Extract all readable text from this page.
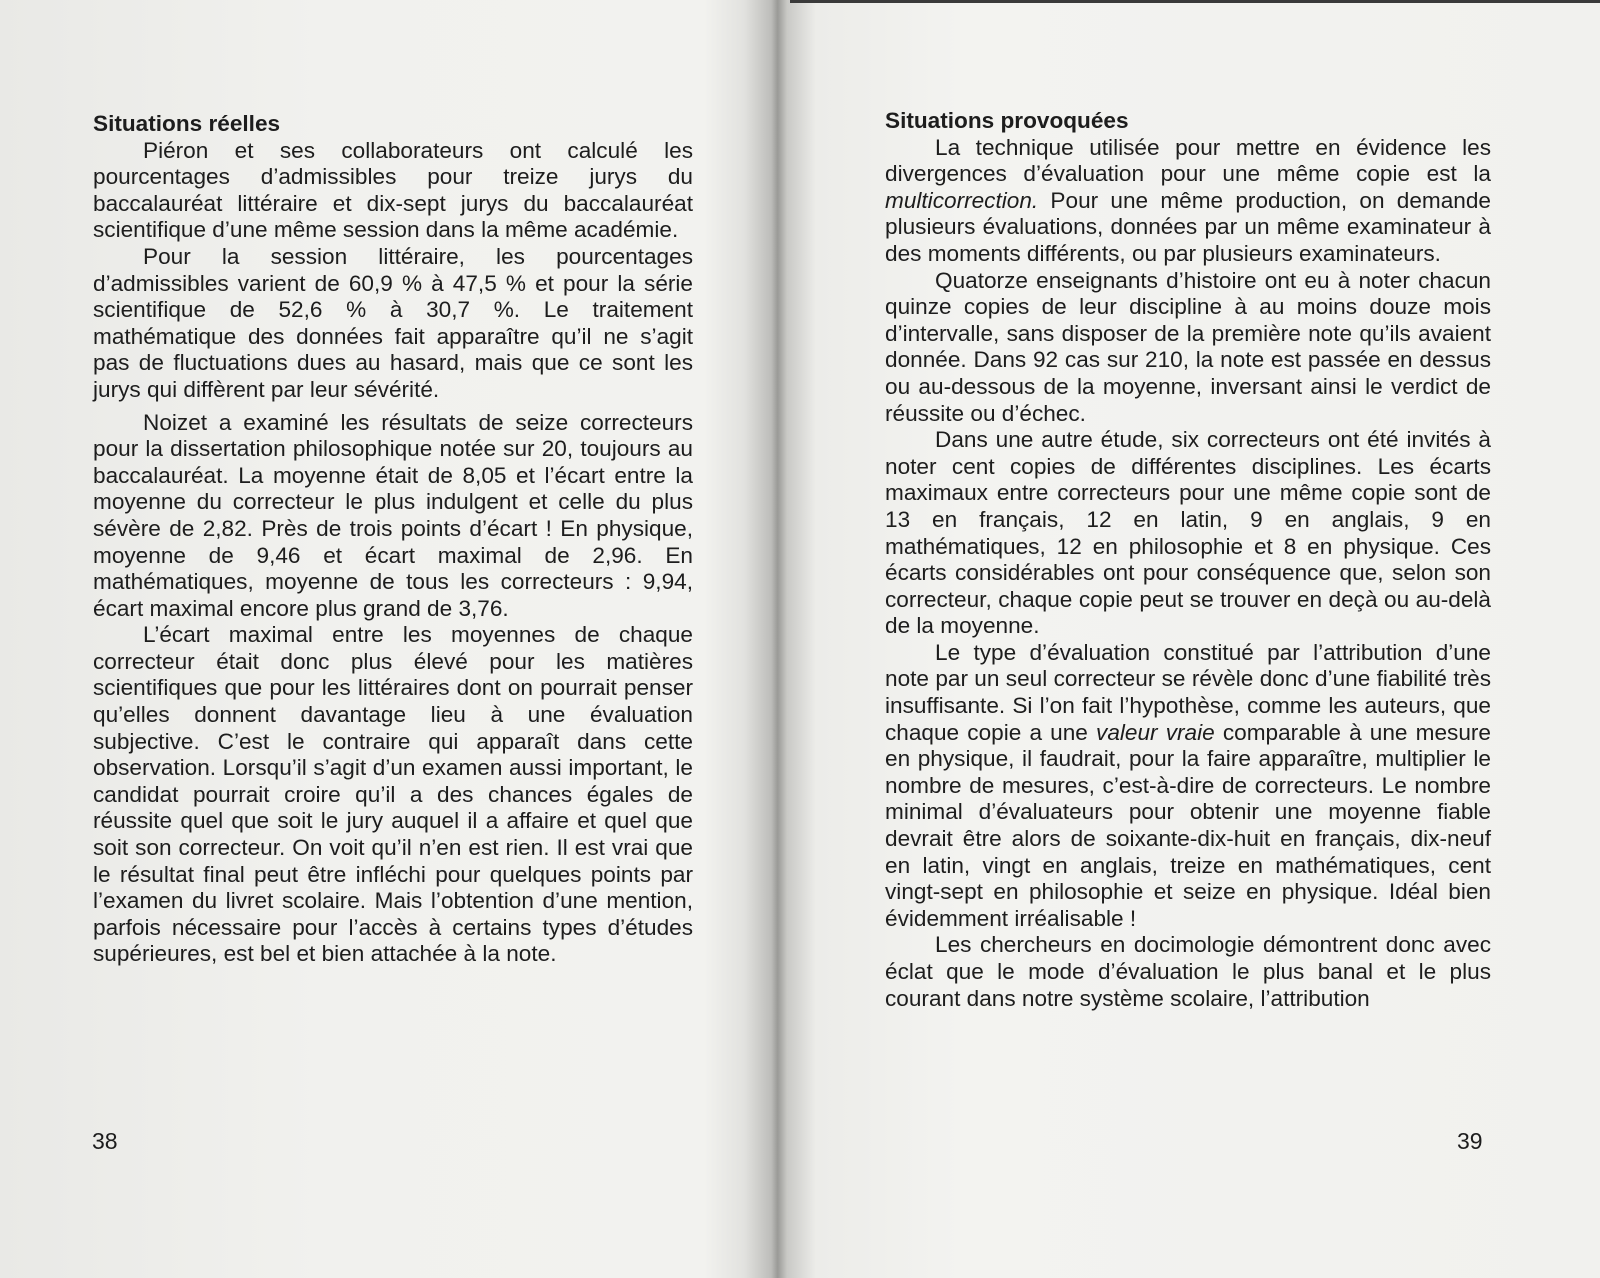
Situations réelles

Piéron et ses collaborateurs ont calculé les pourcentages d’admissibles pour treize jurys du baccalauréat littéraire et dix-sept jurys du baccalauréat scientifique d’une même session dans la même académie.

Pour la session littéraire, les pourcentages d’admissibles varient de 60,9 % à 47,5 % et pour la série scientifique de 52,6 % à 30,7 %. Le traitement mathématique des données fait apparaître qu’il ne s’agit pas de fluctuations dues au hasard, mais que ce sont les jurys qui diffèrent par leur sévérité.

Noizet a examiné les résultats de seize correcteurs pour la dissertation philosophique notée sur 20, toujours au baccalauréat. La moyenne était de 8,05 et l’écart entre la moyenne du correcteur le plus indulgent et celle du plus sévère de 2,82. Près de trois points d’écart ! En physique, moyenne de 9,46 et écart maximal de 2,96. En mathématiques, moyenne de tous les correcteurs : 9,94, écart maximal encore plus grand de 3,76.

L’écart maximal entre les moyennes de chaque correcteur était donc plus élevé pour les matières scientifiques que pour les littéraires dont on pourrait penser qu’elles donnent davantage lieu à une évaluation subjective. C’est le contraire qui apparaît dans cette observation. Lorsqu’il s’agit d’un examen aussi important, le candidat pourrait croire qu’il a des chances égales de réussite quel que soit le jury auquel il a affaire et quel que soit son correcteur. On voit qu’il n’en est rien. Il est vrai que le résultat final peut être infléchi pour quelques points par l’examen du livret scolaire. Mais l’obtention d’une mention, parfois nécessaire pour l’accès à certains types d’études supérieures, est bel et bien attachée à la note.

38
Situations provoquées

La technique utilisée pour mettre en évidence les divergences d’évaluation pour une même copie est la multicorrection. Pour une même production, on demande plusieurs évaluations, données par un même examinateur à des moments différents, ou par plusieurs examinateurs.

Quatorze enseignants d’histoire ont eu à noter chacun quinze copies de leur discipline à au moins douze mois d’intervalle, sans disposer de la première note qu’ils avaient donnée. Dans 92 cas sur 210, la note est passée en dessus ou au-dessous de la moyenne, inversant ainsi le verdict de réussite ou d’échec.

Dans une autre étude, six correcteurs ont été invités à noter cent copies de différentes disciplines. Les écarts maximaux entre correcteurs pour une même copie sont de 13 en français, 12 en latin, 9 en anglais, 9 en mathématiques, 12 en philosophie et 8 en physique. Ces écarts considérables ont pour conséquence que, selon son correcteur, chaque copie peut se trouver en deçà ou au-delà de la moyenne.

Le type d’évaluation constitué par l’attribution d’une note par un seul correcteur se révèle donc d’une fiabilité très insuffisante. Si l’on fait l’hypothèse, comme les auteurs, que chaque copie a une valeur vraie comparable à une mesure en physique, il faudrait, pour la faire apparaître, multiplier le nombre de mesures, c’est-à-dire de correcteurs. Le nombre minimal d’évaluateurs pour obtenir une moyenne fiable devrait être alors de soixante-dix-huit en français, dix-neuf en latin, vingt en anglais, treize en mathématiques, cent vingt-sept en philosophie et seize en physique. Idéal bien évidemment irréalisable !

Les chercheurs en docimologie démontrent donc avec éclat que le mode d’évaluation le plus banal et le plus courant dans notre système scolaire, l’attribution

39
